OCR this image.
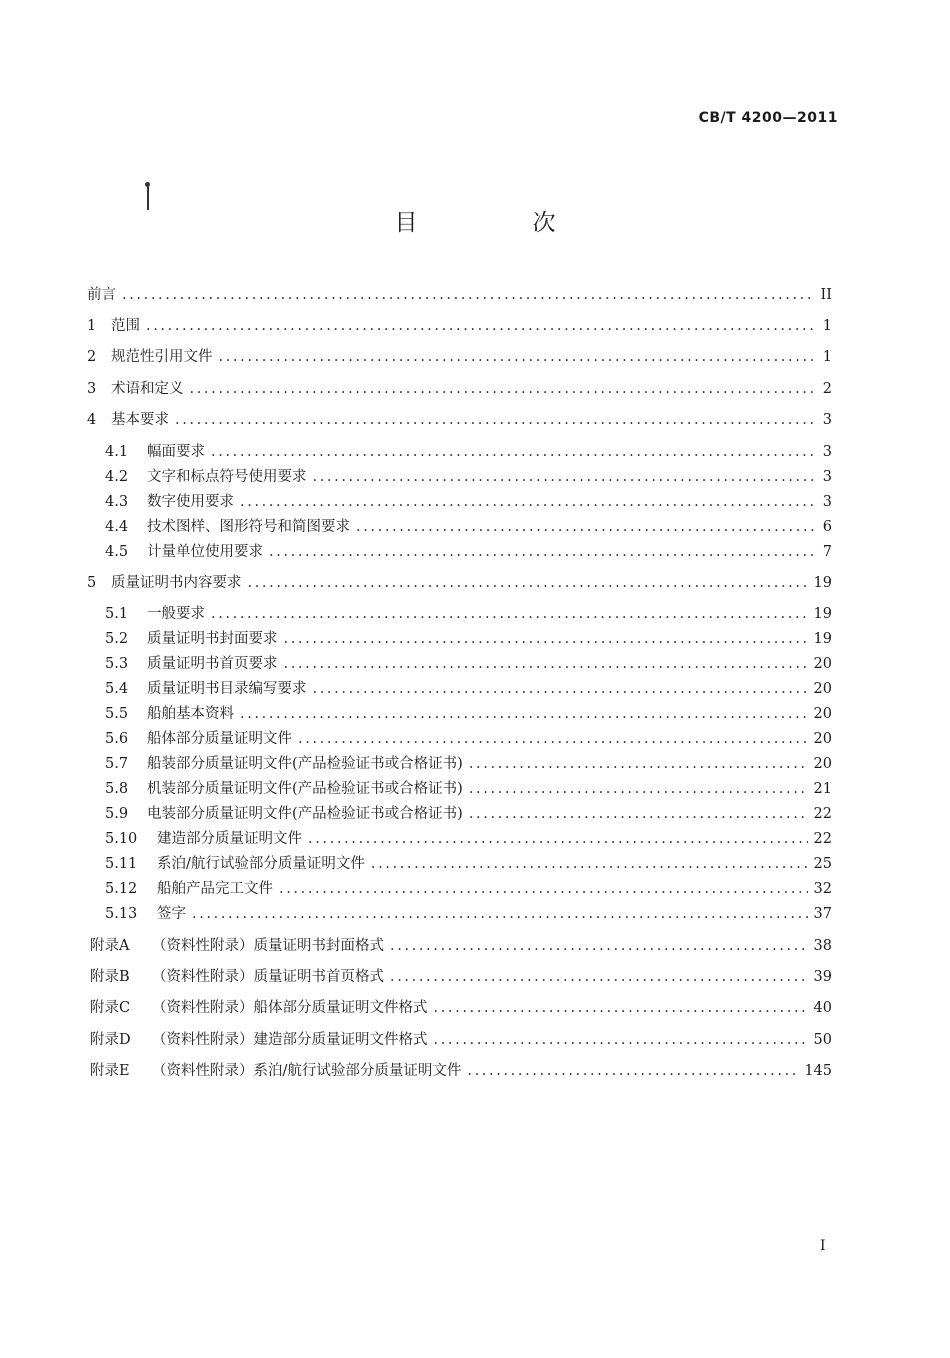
CB/T 4200—2011
目　次
前言 .....	II
1	范围 .....	1
2	规范性引用文件 .....	1
3	术语和定义 .....	2
4	基本要求 .....	3
4.1	幅面要求 .....	3
4.2	文字和标点符号使用要求 .....	3
4.3	数字使用要求 .....	3
4.4	技术图样、图形符号和简图要求 .....	6
4.5	计量单位使用要求 .....	7
5	质量证明书内容要求 .....	19
5.1	一般要求 .....	19
5.2	质量证明书封面要求 .....	19
5.3	质量证明书首页要求 .....	20
5.4	质量证明书目录编写要求 .....	20
5.5	船舶基本资料 .....	20
5.6	船体部分质量证明文件 .....	20
5.7	船装部分质量证明文件(产品检验证书或合格证书) .....	20
5.8	机装部分质量证明文件(产品检验证书或合格证书) .....	21
5.9	电装部分质量证明文件(产品检验证书或合格证书) .....	22
5.10	建造部分质量证明文件 .....	22
5.11	系泊/航行试验部分质量证明文件 .....	25
5.12	船舶产品完工文件 .....	32
5.13	签字 .....	37
附录A	（资料性附录）质量证明书封面格式 .....	38
附录B	（资料性附录）质量证明书首页格式 .....	39
附录C	（资料性附录）船体部分质量证明文件格式 .....	40
附录D	（资料性附录）建造部分质量证明文件格式 .....	50
附录E	（资料性附录）系泊/航行试验部分质量证明文件 .....	145
I
